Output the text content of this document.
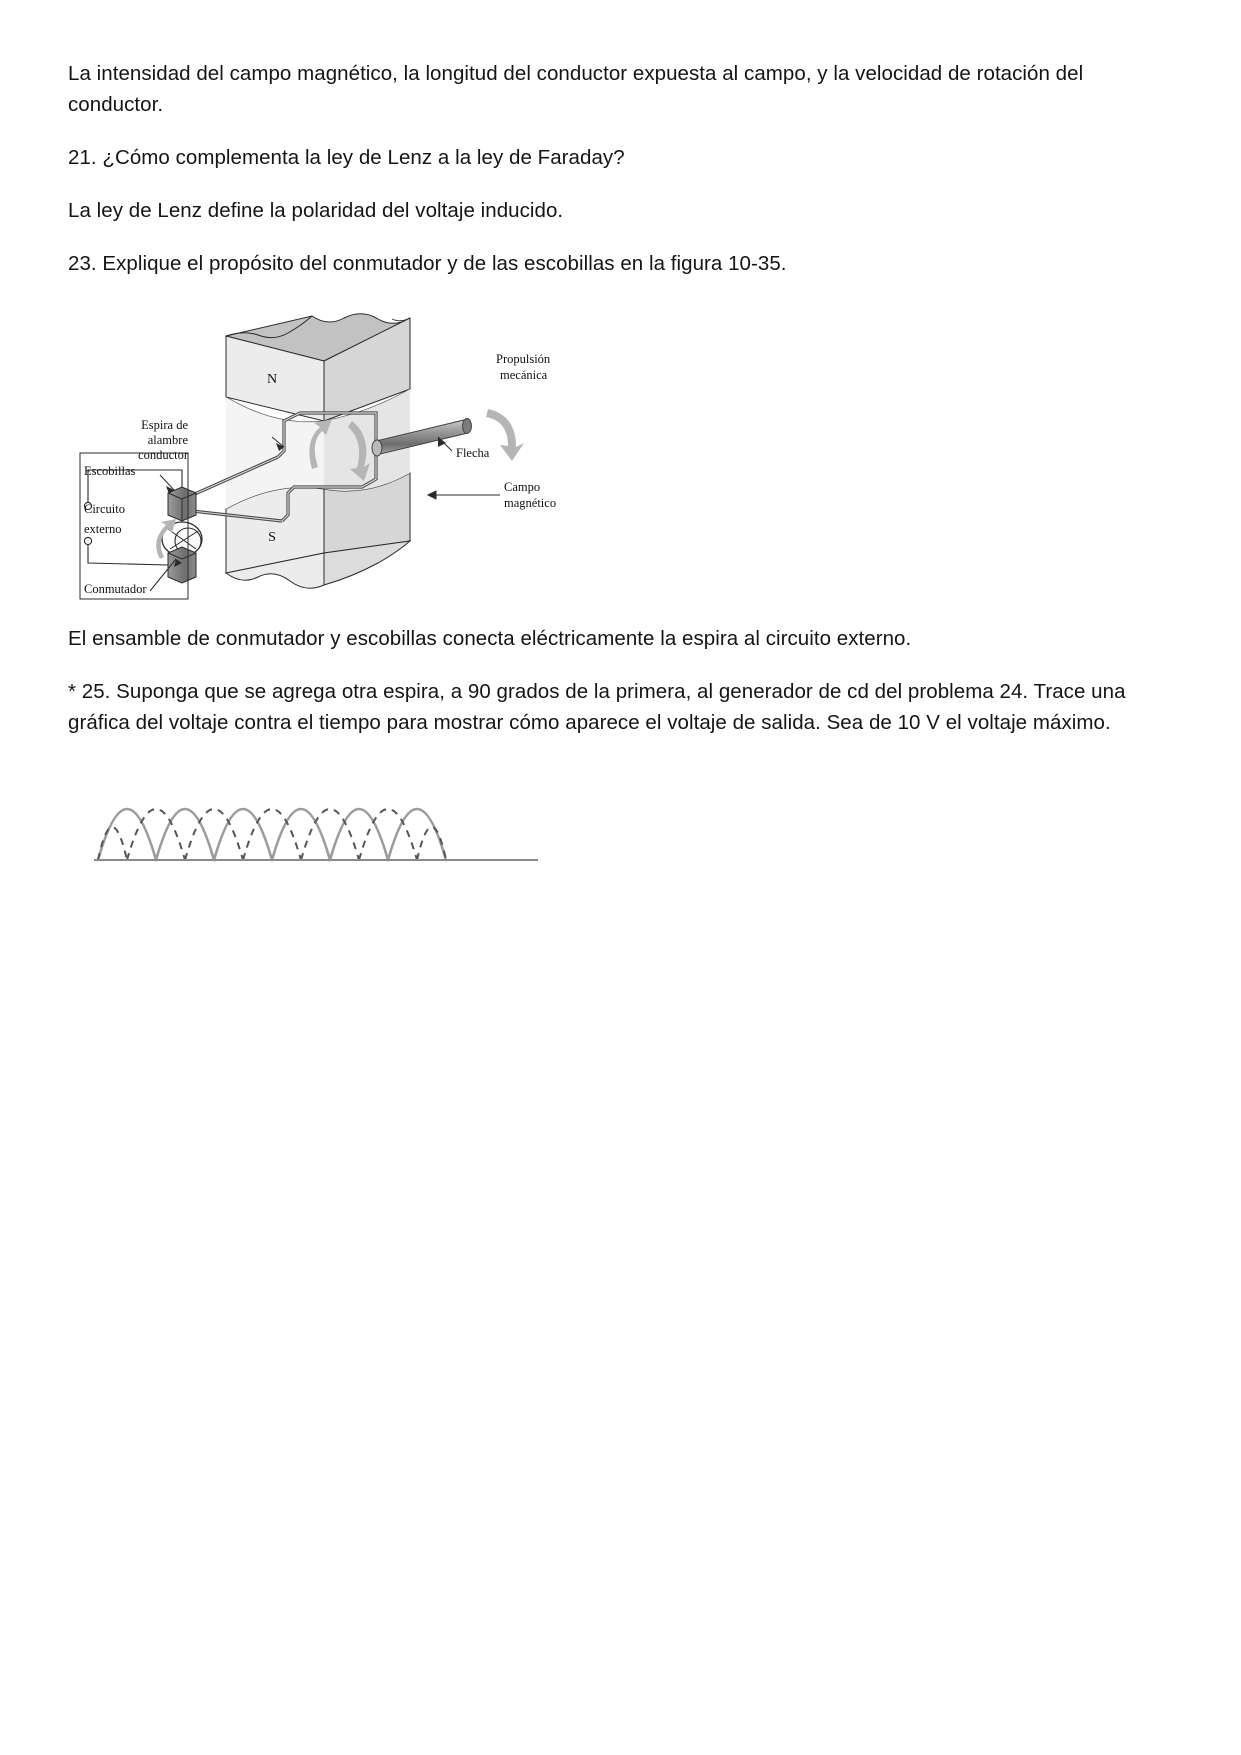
La intensidad del campo magnético, la longitud del conductor expuesta al campo, y la velocidad de rotación del conductor.

21. ¿Cómo complementa la ley de Lenz a la ley de Faraday?

La ley de Lenz define la polaridad del voltaje inducido.

23. Explique el propósito del conmutador y de las escobillas en la figura 10-35.

N
S
Espira de
alambre
conductor
Escobillas
Circuito
externo
Conmutador
Propulsión
mecánica
Flecha
Campo
magnético

El ensamble de conmutador y escobillas conecta eléctricamente la espira al circuito externo.

* 25. Suponga que se agrega otra espira, a 90 grados de la primera, al generador de cd del problema 24. Trace una gráfica del voltaje contra el tiempo para mostrar cómo aparece el voltaje de salida. Sea de 10 V el voltaje máximo.
